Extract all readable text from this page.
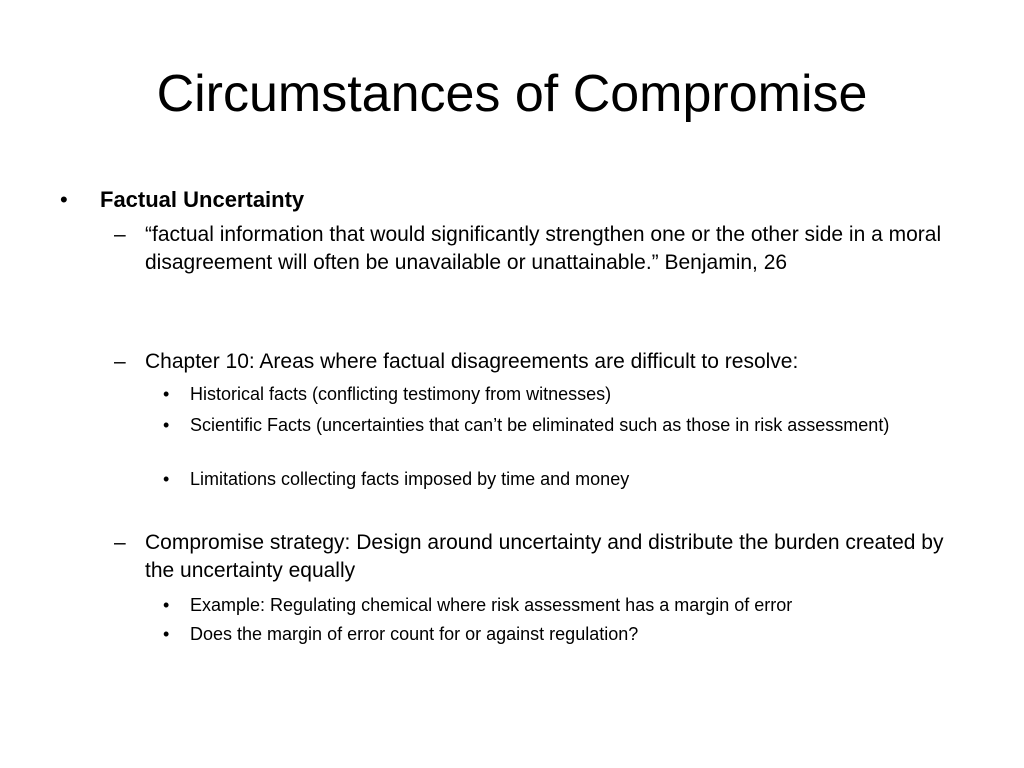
Circumstances of Compromise
• Factual Uncertainty
– “factual information that would significantly strengthen one or the other side in a moral disagreement will often be unavailable or unattainable.” Benjamin, 26
– Chapter 10: Areas where factual disagreements are difficult to resolve:
• Historical facts (conflicting testimony from witnesses)
• Scientific Facts (uncertainties that can’t be eliminated such as those in risk assessment)
• Limitations collecting facts imposed by time and money
– Compromise strategy: Design around uncertainty and distribute the burden created by the uncertainty equally
• Example: Regulating chemical where risk assessment has a margin of error
• Does the margin of error count for or against regulation?
